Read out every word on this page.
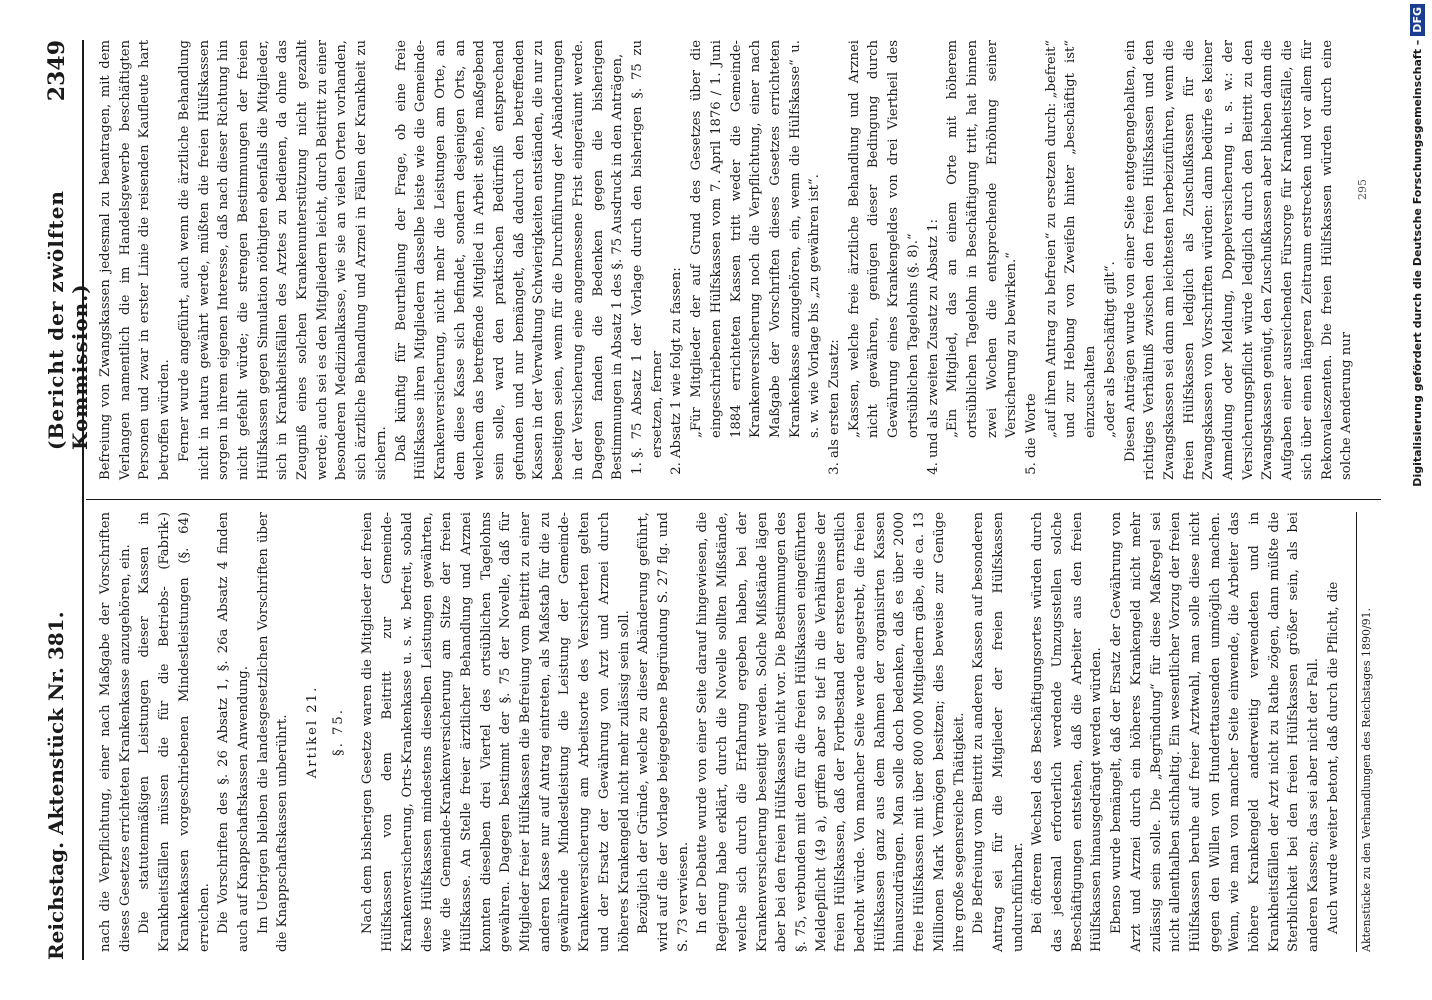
Reichstag. Aktenstück Nr. 381.
(Bericht der zwölften Kommission.)
2349

nach die Verpflichtung, einer nach Maßgabe der Vorschriften dieses Gesetzes errichteten Krankenkasse anzugehören, ein. Die statutenmäßigen Leistungen dieser Kassen in Krankheitsfällen müssen die für die Betriebs- (Fabrik-) Krankenkassen vorgeschriebenen Mindestleistungen (§. 64) erreichen. Die Vorschriften des §. 26 Absatz 1, §. 26a Absatz 4 finden auch auf Knappschaftskassen Anwendung. Im Uebrigen bleiben die landesgesetzlichen Vorschriften über die Knappschaftskassen unberührt. Artikel 21. §. 75. Nach dem bisherigen Gesetze waren die Mitglieder der freien Hülfskassen von dem Beitritt zur Gemeinde-Krankenversicherung, Orts-Krankenkasse u. s. w. befreit, sobald diese Hülfskassen mindestens dieselben Leistungen gewährten, wie die Gemeinde-Krankenversicherung am Sitze der freien Hülfskasse. An Stelle freier ärztlicher Behandlung und Arznei konnten dieselben drei Viertel des ortsüblichen Tagelohns gewähren. Dagegen bestimmt der §. 75 der Novelle, daß für Mitglieder freier Hülfskassen die Befreiung vom Beitritt zu einer anderen Kasse nur auf Antrag eintreten, als Maßstab für die zu gewährende Mindestleistung die Leistung der Gemeinde-Krankenversicherung am Arbeitsorte des Versicherten gelten und der Ersatz der Gewährung von Arzt und Arznei durch höheres Krankengeld nicht mehr zulässig sein soll. Bezüglich der Gründe, welche zu dieser Abänderung geführt, wird auf die der Vorlage beigegebene Begründung S. 27 flg. und S. 73 verwiesen. In der Debatte wurde von einer Seite darauf hingewiesen, die Regierung habe erklärt, durch die Novelle sollten Mißstände, welche sich durch die Erfahrung ergeben haben, bei der Krankenversicherung beseitigt werden. Solche Mißstände lägen aber bei den freien Hülfskassen nicht vor. Die Bestimmungen des §. 75, verbunden mit den für die freien Hülfskassen eingeführten Meldepflicht (49 a), griffen aber so tief in die Verhältnisse der freien Hülfskassen, daß der Fortbestand der ersteren ernstlich bedroht würde. Von mancher Seite werde angestrebt, die freien Hülfskassen ganz aus dem Rahmen der organisirten Kassen hinauszudrängen. Man solle doch bedenken, daß es über 2000 freie Hülfskassen mit über 800 000 Mitgliedern gäbe, die ca. 13 Millionen Mark Vermögen besitzen; dies beweise zur Genüge ihre große segensreiche Thätigkeit. Die Befreiung vom Beitritt zu anderen Kassen auf besonderen Antrag sei für die Mitglieder der freien Hülfskassen undurchführbar. Bei öfterem Wechsel des Beschäftigungsortes würden durch das jedesmal erforderlich werdende Umzugsstellen solche Beschäftigungen entstehen, daß die Arbeiter aus den freien Hülfskassen hinausgedrängt werden würden. Ebenso wurde bemängelt, daß der Ersatz der Gewährung von Arzt und Arznei durch ein höheres Krankengeld nicht mehr zulässig sein solle. Die „Begründung“ für diese Maßregel sei nicht allenthalben stichhaltig. Ein wesentlicher Vorzug der freien Hülfskassen beruhe auf freier Arztwahl, man solle diese nicht gegen den Willen von Hunderttausenden unmöglich machen. Wenn, wie man von mancher Seite einwende, die Arbeiter das höhere Krankengeld anderweitig verwendeten und in Krankheitsfällen der Arzt nicht zu Rathe zögen, dann müßte die Sterblichkeit bei den freien Hülfskassen größer sein, als bei anderen Kassen; das sei aber nicht der Fall. Auch wurde weiter betont, daß durch die Pflicht, die

Befreiung von Zwangskassen jedesmal zu beantragen, mit dem Verlangen namentlich die im Handelsgewerbe beschäftigten Personen und zwar in erster Linie die reisenden Kaufleute hart betroffen würden. Ferner wurde angeführt, auch wenn die ärztliche Behandlung nicht in natura gewährt werde, müßten die freien Hülfskassen sorgen in ihrem eigenen Interesse, daß nach dieser Richtung hin nicht gefehlt würde; die strengen Bestimmungen der freien Hülfskassen gegen Simulation nöthigten ebenfalls die Mitglieder, sich in Krankheitsfällen des Arztes zu bedienen, da ohne das Zeugniß eines solchen Krankenunterstützung nicht gezahlt werde; auch sei es den Mitgliedern leicht, durch Beitritt zu einer besonderen Medizinalkasse, wie sie an vielen Orten vorhanden, sich ärztliche Behandlung und Arznei in Fällen der Krankheit zu sichern. Daß künftig für Beurtheilung der Frage, ob eine freie Hülfskasse ihren Mitgliedern dasselbe leiste wie die Gemeinde-Krankenversicherung, nicht mehr die Leistungen am Orte, an dem diese Kasse sich befindet, sondern desjenigen Orts, an welchem das betreffende Mitglied in Arbeit stehe, maßgebend sein solle, ward den praktischen Bedürfniß entsprechend gefunden und nur bemängelt, daß dadurch den betreffenden Kassen in der Verwaltung Schwierigkeiten entständen, die nur zu beseitigen seien, wenn für die Durchführung der Abänderungen in der Versicherung eine angemessene Frist eingeräumt werde. Dagegen fanden die Bedenken gegen die bisherigen Bestimmungen in Absatz 1 des §. 75 Ausdruck in den Anträgen, 1. §. 75 Absatz 1 der Vorlage durch den bisherigen §. 75 zu ersetzen, ferner 2. Absatz 1 wie folgt zu fassen: „Für Mitglieder der auf Grund des Gesetzes über die eingeschriebenen Hülfskassen vom 7. April 1876 / 1. Juni 1884 errichteten Kassen tritt weder die Gemeinde-Krankenversicherung noch die Verpflichtung, einer nach Maßgabe der Vorschriften dieses Gesetzes errichteten Krankenkasse anzugehören, ein, wenn die Hülfskasse“ u. s. w. wie Vorlage bis „zu gewähren ist“. 3. als ersten Zusatz: „Kassen, welche freie ärztliche Behandlung und Arznei nicht gewähren, genügen dieser Bedingung durch Gewährung eines Krankengeldes von drei Viertheil des ortsüblichen Tagelohns (§. 8).“ 4. und als zweiten Zusatz zu Absatz 1: „Ein Mitglied, das an einem Orte mit höherem ortsüblichen Tagelohn in Beschäftigung tritt, hat binnen zwei Wochen die entsprechende Erhöhung seiner Versicherung zu bewirken.“ 5. die Worte „auf ihren Antrag zu befreien“ zu ersetzen durch: „befreit“ und zur Hebung von Zweifeln hinter „beschäftigt ist“ einzuschalten „oder als beschäftigt gilt“. Diesen Anträgen wurde von einer Seite entgegengehalten, ein richtiges Verhältniß zwischen den freien Hülfskassen und den Zwangskassen sei dann am leichtesten herbeizuführen, wenn die freien Hülfskassen lediglich als Zuschußkassen für die Zwangskassen von Vorschriften würden: dann bedürfe es keiner Anmeldung oder Meldung, Doppelversicherung u. s. w.: der Versicherungspflicht würde lediglich durch den Beitritt zu den Zwangskassen genügt, den Zuschußkassen aber blieben dann die Aufgaben einer ausreichenden Fürsorge für Krankheitsfälle, die sich über einen längeren Zeitraum erstrecken und vor allem für Rekonvaleszenten. Die freien Hülfskassen würden durch eine solche Aenderung nur

Aktenstücke zu den Verhandlungen des Reichstages 1890/91.
295	Digitalisierung gefördert durch die Deutsche Forschungsgemeinschaft –DFG
